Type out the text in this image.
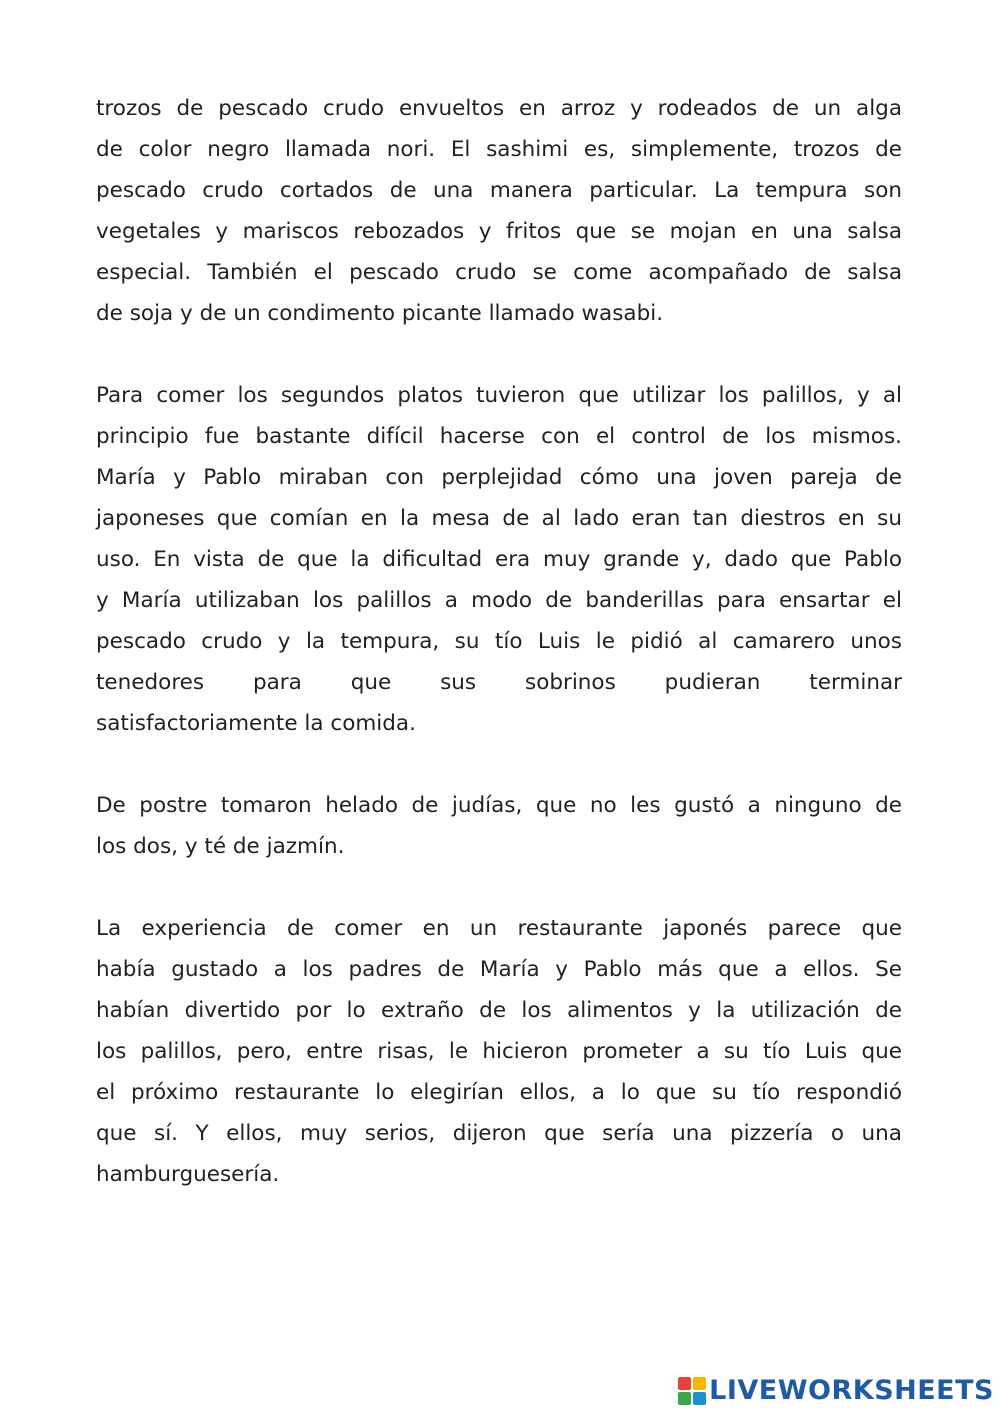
trozos de pescado crudo envueltos en arroz y rodeados de un alga
de color negro llamada nori. El sashimi es, simplemente, trozos de
pescado crudo cortados de una manera particular. La tempura son
vegetales y mariscos rebozados y fritos que se mojan en una salsa
especial. También el pescado crudo se come acompañado de salsa
de soja y de un condimento picante llamado wasabi.
Para comer los segundos platos tuvieron que utilizar los palillos, y al
principio fue bastante difícil hacerse con el control de los mismos.
María y Pablo miraban con perplejidad cómo una joven pareja de
japoneses que comían en la mesa de al lado eran tan diestros en su
uso. En vista de que la dificultad era muy grande y, dado que Pablo
y María utilizaban los palillos a modo de banderillas para ensartar el
pescado crudo y la tempura, su tío Luis le pidió al camarero unos
tenedores para que sus sobrinos pudieran terminar
satisfactoriamente la comida.
De postre tomaron helado de judías, que no les gustó a ninguno de
los dos, y té de jazmín.
La experiencia de comer en un restaurante japonés parece que
había gustado a los padres de María y Pablo más que a ellos. Se
habían divertido por lo extraño de los alimentos y la utilización de
los palillos, pero, entre risas, le hicieron prometer a su tío Luis que
el próximo restaurante lo elegirían ellos, a lo que su tío respondió
que sí. Y ellos, muy serios, dijeron que sería una pizzería o una
hamburguesería.
LIVEWORKSHEETS
